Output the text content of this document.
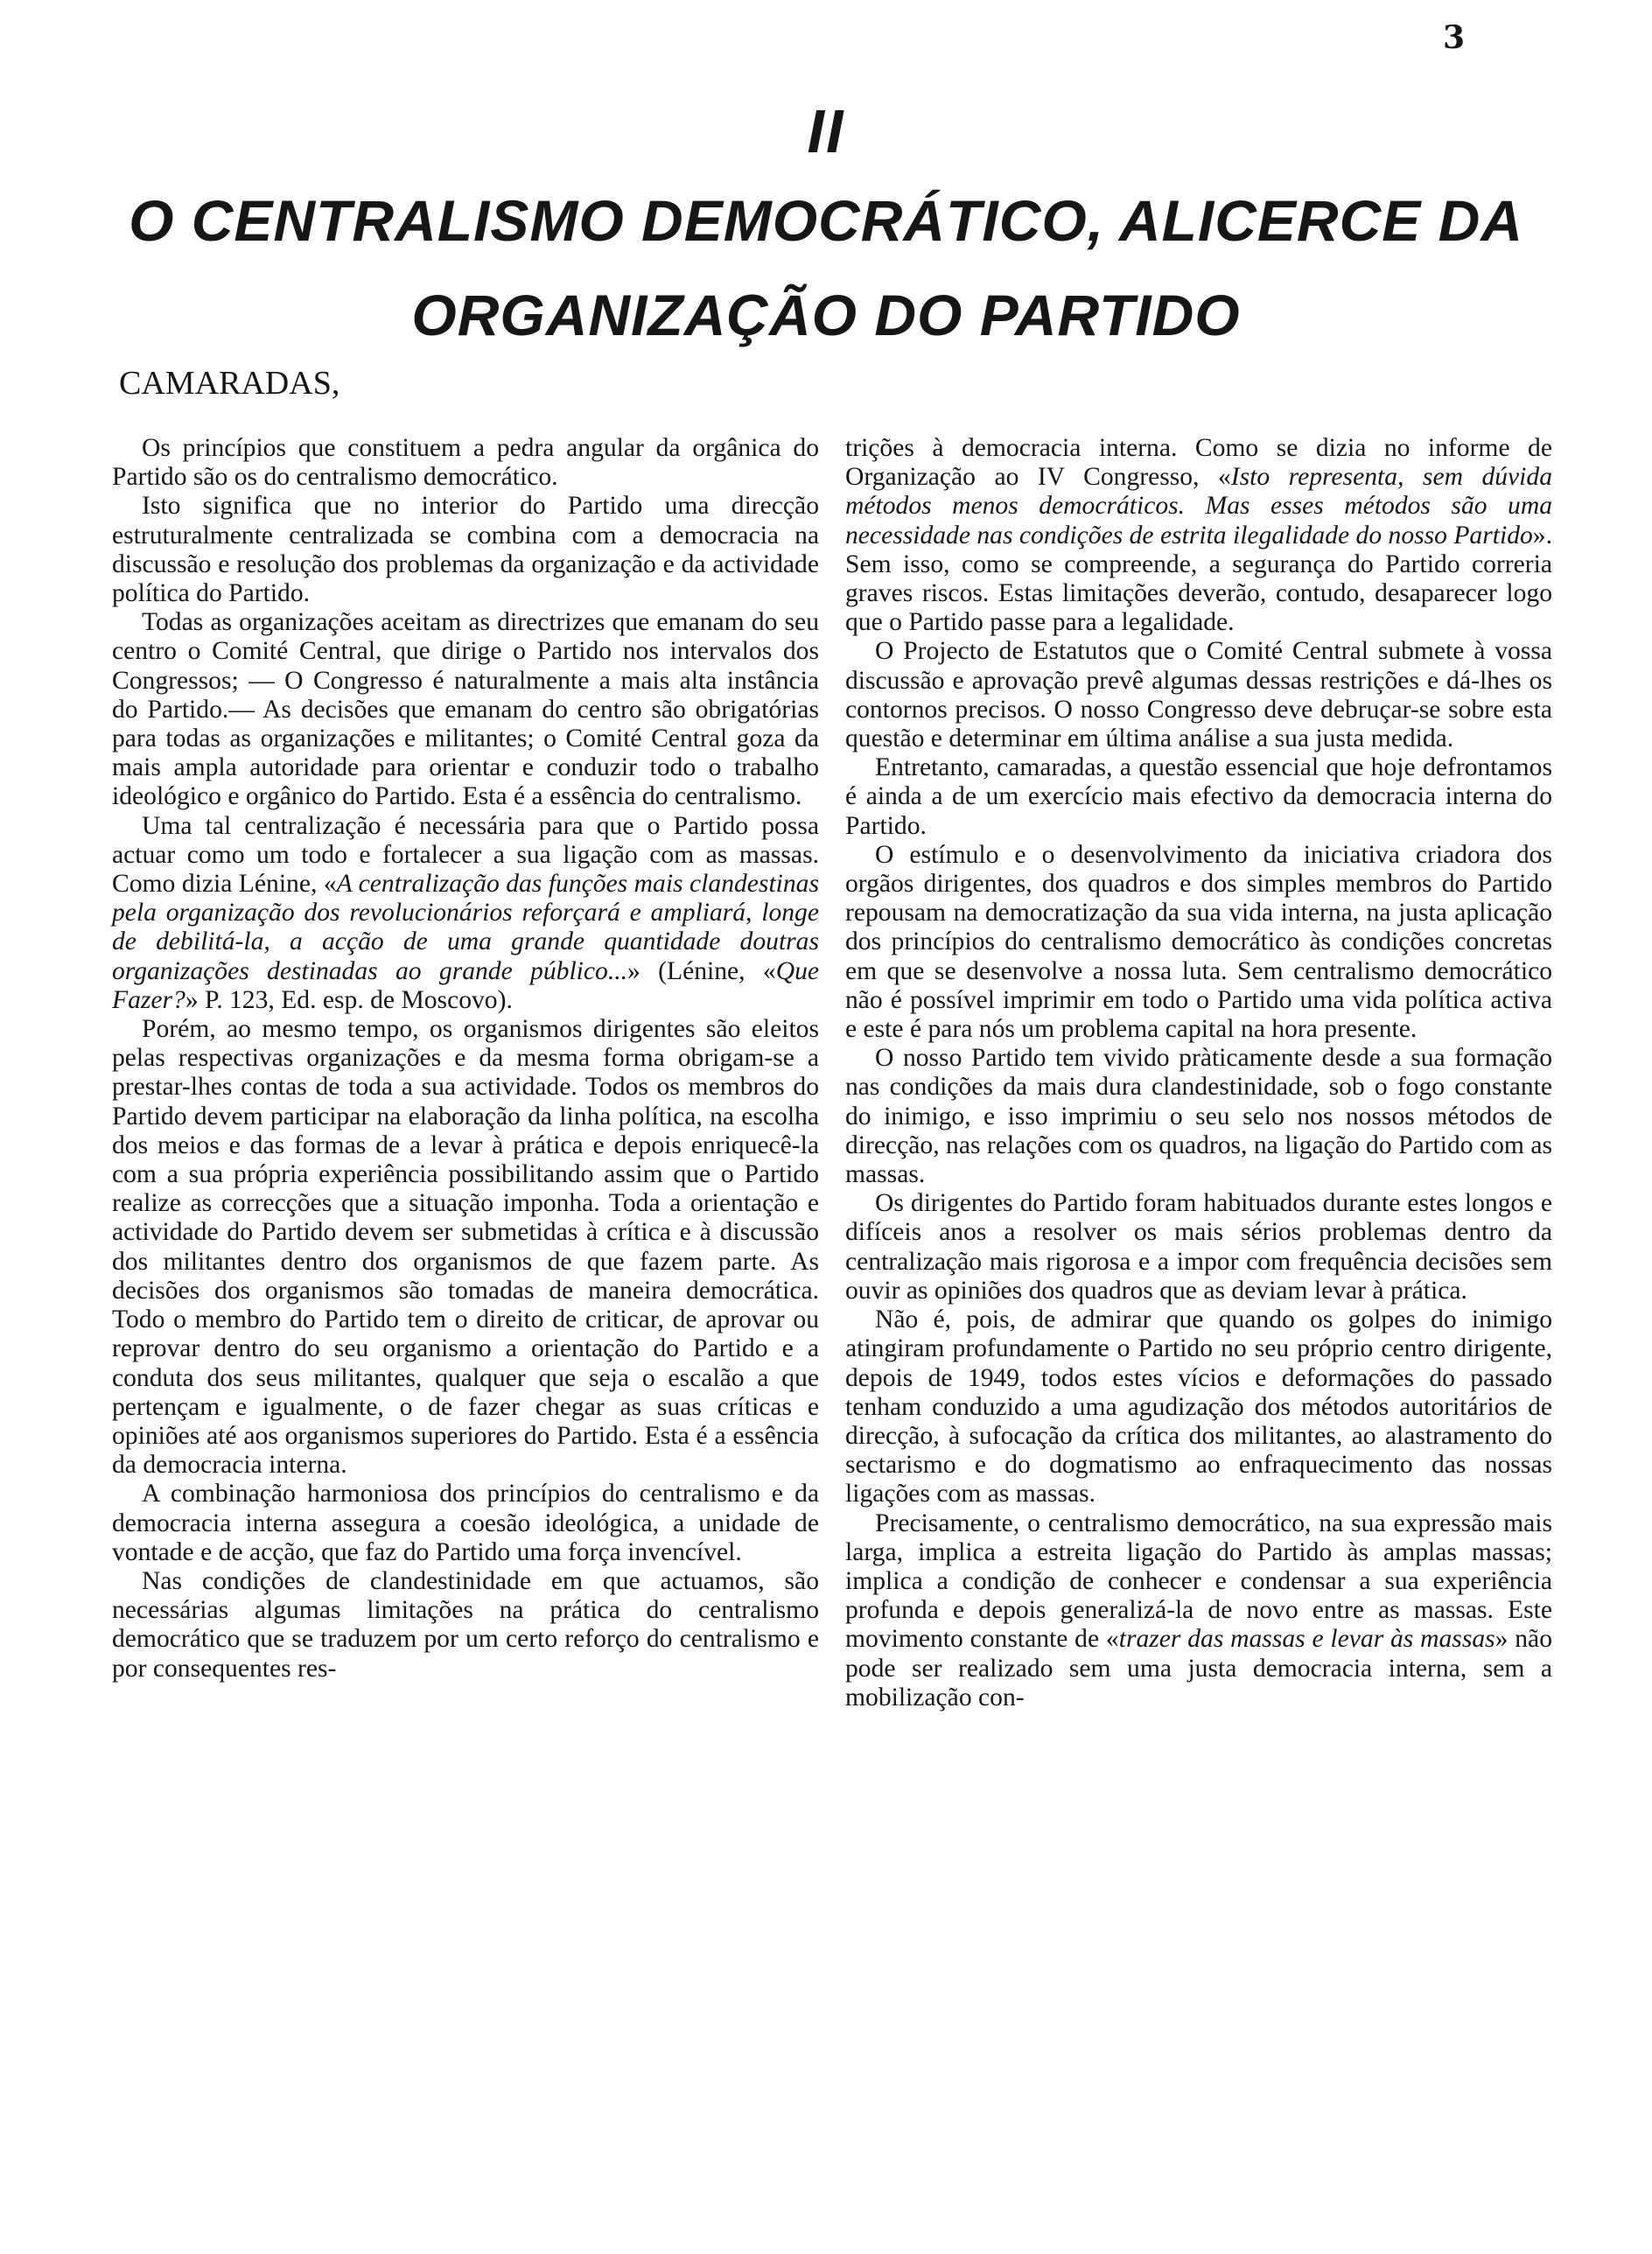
3
II
O CENTRALISMO DEMOCRÁTICO, ALICERCE DA
ORGANIZAÇÃO DO PARTIDO
CAMARADAS,

Os princípios que constituem a pedra angular da orgânica do Partido são os do centralismo democrático.

Isto significa que no interior do Partido uma direcção estruturalmente centralizada se combina com a democracia na discussão e resolução dos problemas da organização e da actividade política do Partido.

Todas as organizações aceitam as directrizes que emanam do seu centro o Comité Central, que dirige o Partido nos intervalos dos Congressos; — O Congresso é naturalmente a mais alta instância do Partido.— As decisões que emanam do centro são obrigatórias para todas as organizações e militantes; o Comité Central goza da mais ampla autoridade para orientar e conduzir todo o trabalho ideológico e orgânico do Partido. Esta é a essência do centralismo.

Uma tal centralização é necessária para que o Partido possa actuar como um todo e fortalecer a sua ligação com as massas. Como dizia Lénine, «A centralização das funções mais clandestinas pela organização dos revolucionários reforçará e ampliará, longe de debilitá-la, a acção de uma grande quantidade doutras organizações destinadas ao grande público...» (Lénine, «Que Fazer?» P. 123, Ed. esp. de Moscovo).

Porém, ao mesmo tempo, os organismos dirigentes são eleitos pelas respectivas organizações e da mesma forma obrigam-se a prestar-lhes contas de toda a sua actividade. Todos os membros do Partido devem participar na elaboração da linha política, na escolha dos meios e das formas de a levar à prática e depois enriquecê-la com a sua própria experiência possibilitando assim que o Partido realize as correcções que a situação imponha. Toda a orientação e actividade do Partido devem ser submetidas à crítica e à discussão dos militantes dentro dos organismos de que fazem parte. As decisões dos organismos são tomadas de maneira democrática. Todo o membro do Partido tem o direito de criticar, de aprovar ou reprovar dentro do seu organismo a orientação do Partido e a conduta dos seus militantes, qualquer que seja o escalão a que pertençam e igualmente, o de fazer chegar as suas críticas e opiniões até aos organismos superiores do Partido. Esta é a essência da democracia interna.

A combinação harmoniosa dos princípios do centralismo e da democracia interna assegura a coesão ideológica, a unidade de vontade e de acção, que faz do Partido uma força invencível.

Nas condições de clandestinidade em que actuamos, são necessárias algumas limitações na prática do centralismo democrático que se traduzem por um certo reforço do centralismo e por consequentes res-

trições à democracia interna. Como se dizia no informe de Organização ao IV Congresso, «Isto representa, sem dúvida métodos menos democráticos. Mas esses métodos são uma necessidade nas condições de estrita ilegalidade do nosso Partido». Sem isso, como se compreende, a segurança do Partido correria graves riscos. Estas limitações deverão, contudo, desaparecer logo que o Partido passe para a legalidade.

O Projecto de Estatutos que o Comité Central submete à vossa discussão e aprovação prevê algumas dessas restrições e dá-lhes os contornos precisos. O nosso Congresso deve debruçar-se sobre esta questão e determinar em última análise a sua justa medida.

Entretanto, camaradas, a questão essencial que hoje defrontamos é ainda a de um exercício mais efectivo da democracia interna do Partido.

O estímulo e o desenvolvimento da iniciativa criadora dos orgãos dirigentes, dos quadros e dos simples membros do Partido repousam na democratização da sua vida interna, na justa aplicação dos princípios do centralismo democrático às condições concretas em que se desenvolve a nossa luta. Sem centralismo democrático não é possível imprimir em todo o Partido uma vida política activa e este é para nós um problema capital na hora presente.

O nosso Partido tem vivido pràticamente desde a sua formação nas condições da mais dura clandestinidade, sob o fogo constante do inimigo, e isso imprimiu o seu selo nos nossos métodos de direcção, nas relações com os quadros, na ligação do Partido com as massas.

Os dirigentes do Partido foram habituados durante estes longos e difíceis anos a resolver os mais sérios problemas dentro da centralização mais rigorosa e a impor com frequência decisões sem ouvir as opiniões dos quadros que as deviam levar à prática.

Não é, pois, de admirar que quando os golpes do inimigo atingiram profundamente o Partido no seu próprio centro dirigente, depois de 1949, todos estes vícios e deformações do passado tenham conduzido a uma agudização dos métodos autoritários de direcção, à sufocação da crítica dos militantes, ao alastramento do sectarismo e do dogmatismo ao enfraquecimento das nossas ligações com as massas.

Precisamente, o centralismo democrático, na sua expressão mais larga, implica a estreita ligação do Partido às amplas massas; implica a condição de conhecer e condensar a sua experiência profunda e depois generalizá-la de novo entre as massas. Este movimento constante de «trazer das massas e levar às massas» não pode ser realizado sem uma justa democracia interna, sem a mobilização con-
